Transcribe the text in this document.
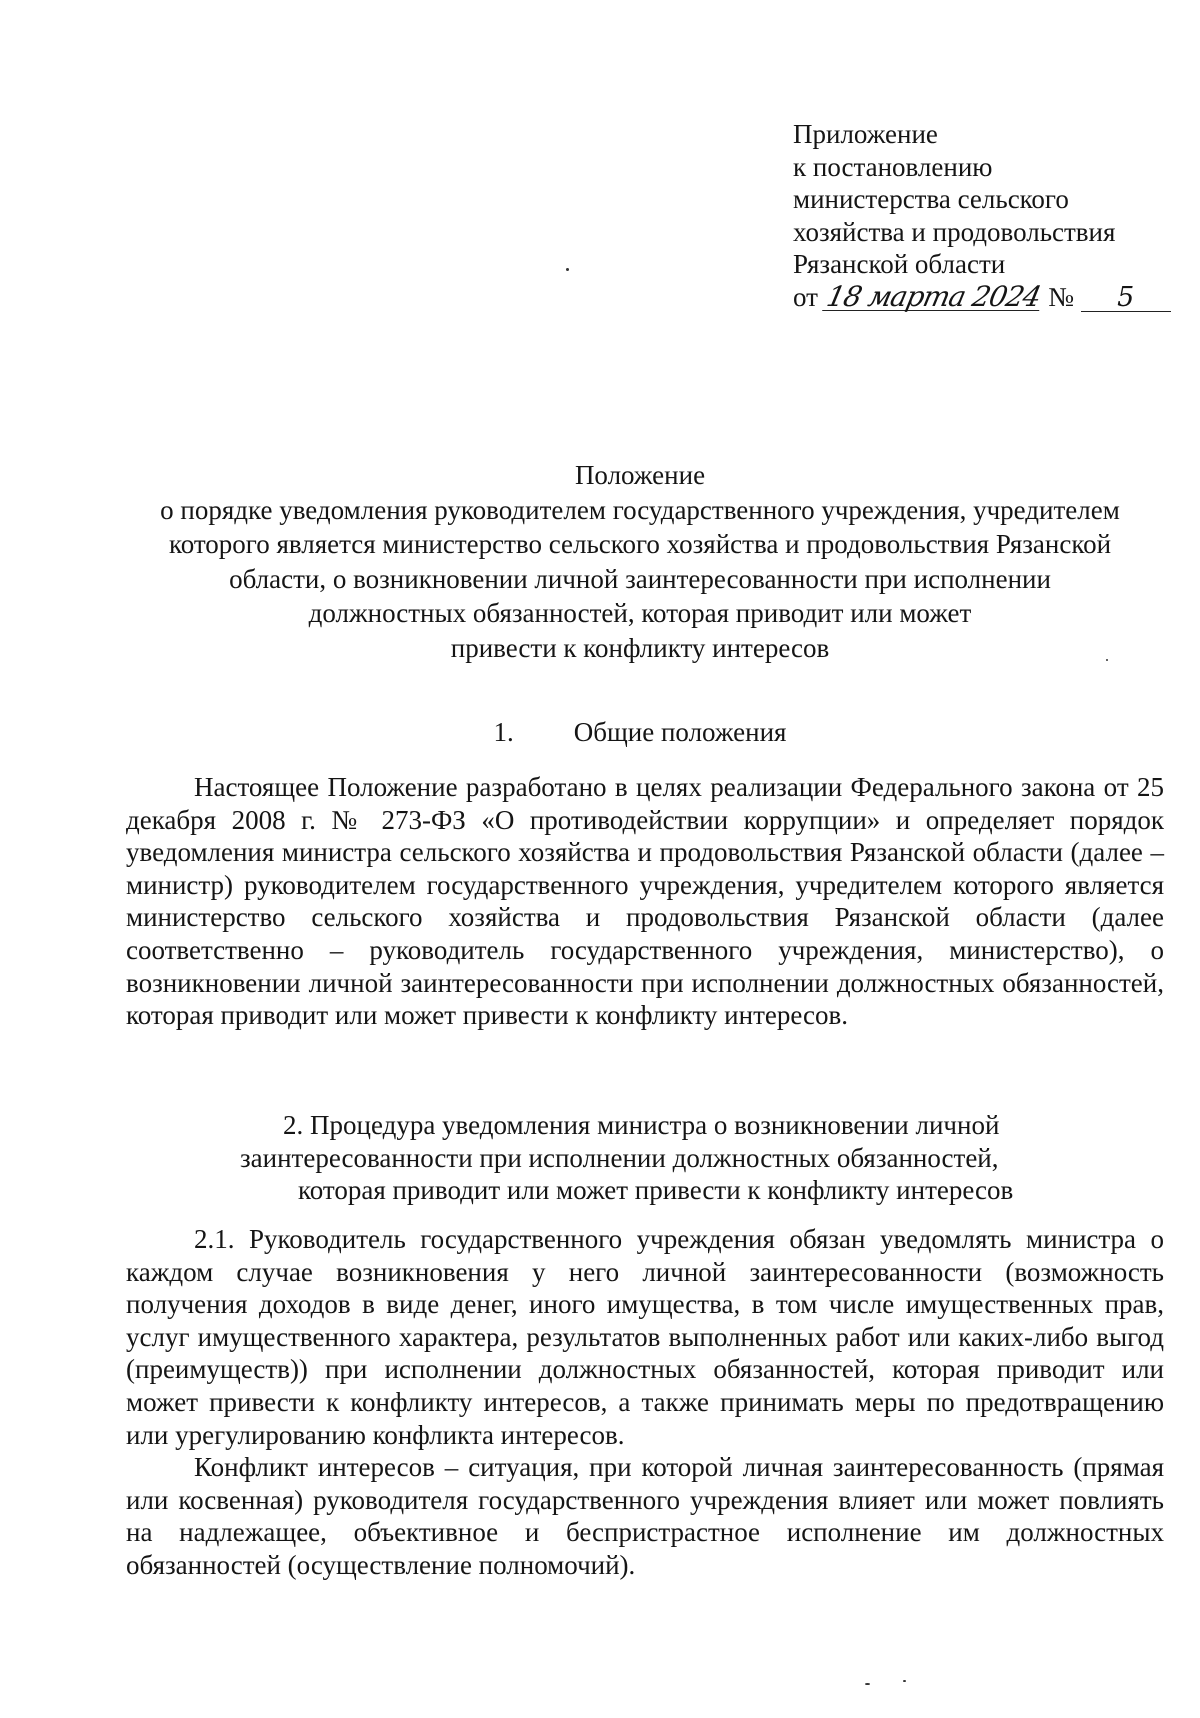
Приложение
к постановлению
министерства сельского
хозяйства и продовольствия
Рязанской области
от 18 марта 2024 № 5
Положение
о порядке уведомления руководителем государственного учреждения, учредителем
которого является министерство сельского хозяйства и продовольствия Рязанской
области, о возникновении личной заинтересованности при исполнении
должностных обязанностей, которая приводит или может
привести к конфликту интересов
1. Общие положения

Настоящее Положение разработано в целях реализации Федерального закона от 25 декабря 2008 г. № 273-ФЗ «О противодействии коррупции» и определяет порядок уведомления министра сельского хозяйства и продовольствия Рязанской области (далее – министр) руководителем государственного учреждения, учредителем которого является министерство сельского хозяйства и продовольствия Рязанской области (далее соответственно – руководитель государственного учреждения, министерство), о возникновении личной заинтересованности при исполнении должностных обязанностей, которая приводит или может привести к конфликту интересов.

2. Процедура уведомления министра о возникновении личной
заинтересованности при исполнении должностных обязанностей,
которая приводит или может привести к конфликту интересов

2.1. Руководитель государственного учреждения обязан уведомлять министра о каждом случае возникновения у него личной заинтересованности (возможность получения доходов в виде денег, иного имущества, в том числе имущественных прав, услуг имущественного характера, результатов выполненных работ или каких-либо выгод (преимуществ)) при исполнении должностных обязанностей, которая приводит или может привести к конфликту интересов, а также принимать меры по предотвращению или урегулированию конфликта интересов.

Конфликт интересов – ситуация, при которой личная заинтересованность (прямая или косвенная) руководителя государственного учреждения влияет или может повлиять на надлежащее, объективное и беспристрастное исполнение им должностных обязанностей (осуществление полномочий).
